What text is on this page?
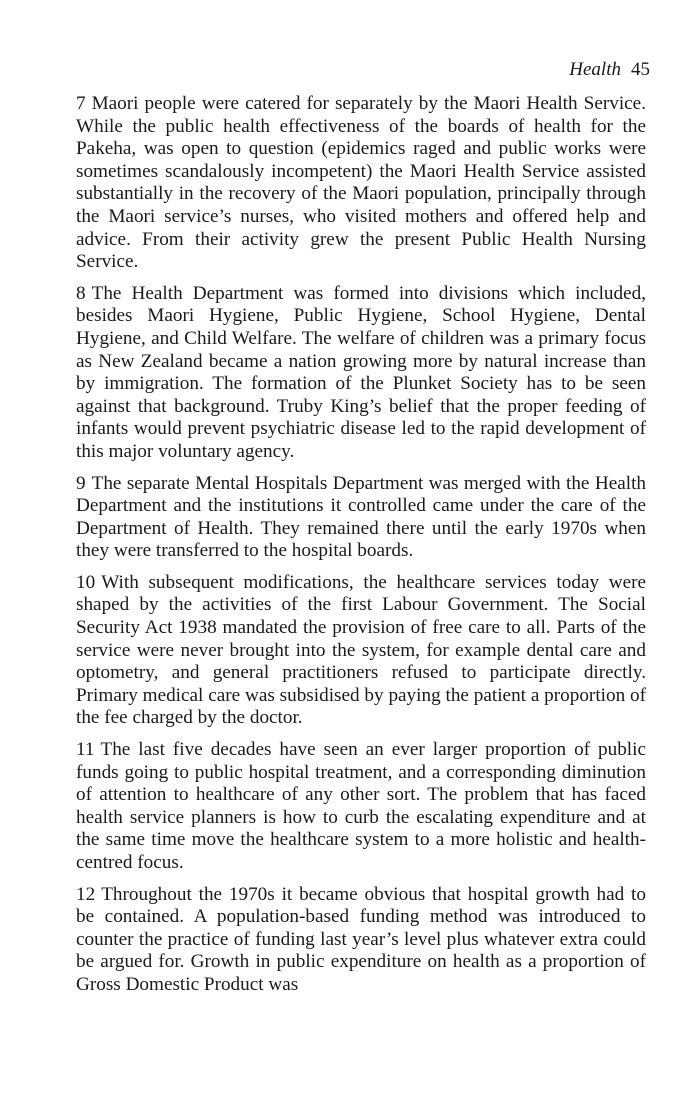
Health 45

7 Maori people were catered for separately by the Maori Health Service. While the public health effectiveness of the boards of health for the Pakeha, was open to question (epidemics raged and public works were sometimes scandalously incompetent) the Maori Health Service assisted substantially in the recovery of the Maori population, principally through the Maori service’s nurses, who visited mothers and offered help and advice. From their activity grew the present Public Health Nursing Service.

8 The Health Department was formed into divisions which included, besides Maori Hygiene, Public Hygiene, School Hygiene, Dental Hygiene, and Child Welfare. The welfare of children was a primary focus as New Zealand became a nation growing more by natural increase than by immigration. The formation of the Plunket Society has to be seen against that background. Truby King’s belief that the proper feeding of infants would prevent psychiatric disease led to the rapid development of this major voluntary agency.

9 The separate Mental Hospitals Department was merged with the Health Department and the institutions it controlled came under the care of the Department of Health. They remained there until the early 1970s when they were transferred to the hospital boards.

10 With subsequent modifications, the healthcare services today were shaped by the activities of the first Labour Government. The Social Security Act 1938 mandated the provision of free care to all. Parts of the service were never brought into the system, for example dental care and optometry, and general practitioners refused to participate directly. Primary medical care was subsidised by paying the patient a proportion of the fee charged by the doctor.

11 The last five decades have seen an ever larger proportion of public funds going to public hospital treatment, and a corresponding diminution of attention to healthcare of any other sort. The problem that has faced health service planners is how to curb the escalating expenditure and at the same time move the healthcare system to a more holistic and health-centred focus.

12 Throughout the 1970s it became obvious that hospital growth had to be contained. A population-based funding method was introduced to counter the practice of funding last year’s level plus whatever extra could be argued for. Growth in public expenditure on health as a proportion of Gross Domestic Product was
